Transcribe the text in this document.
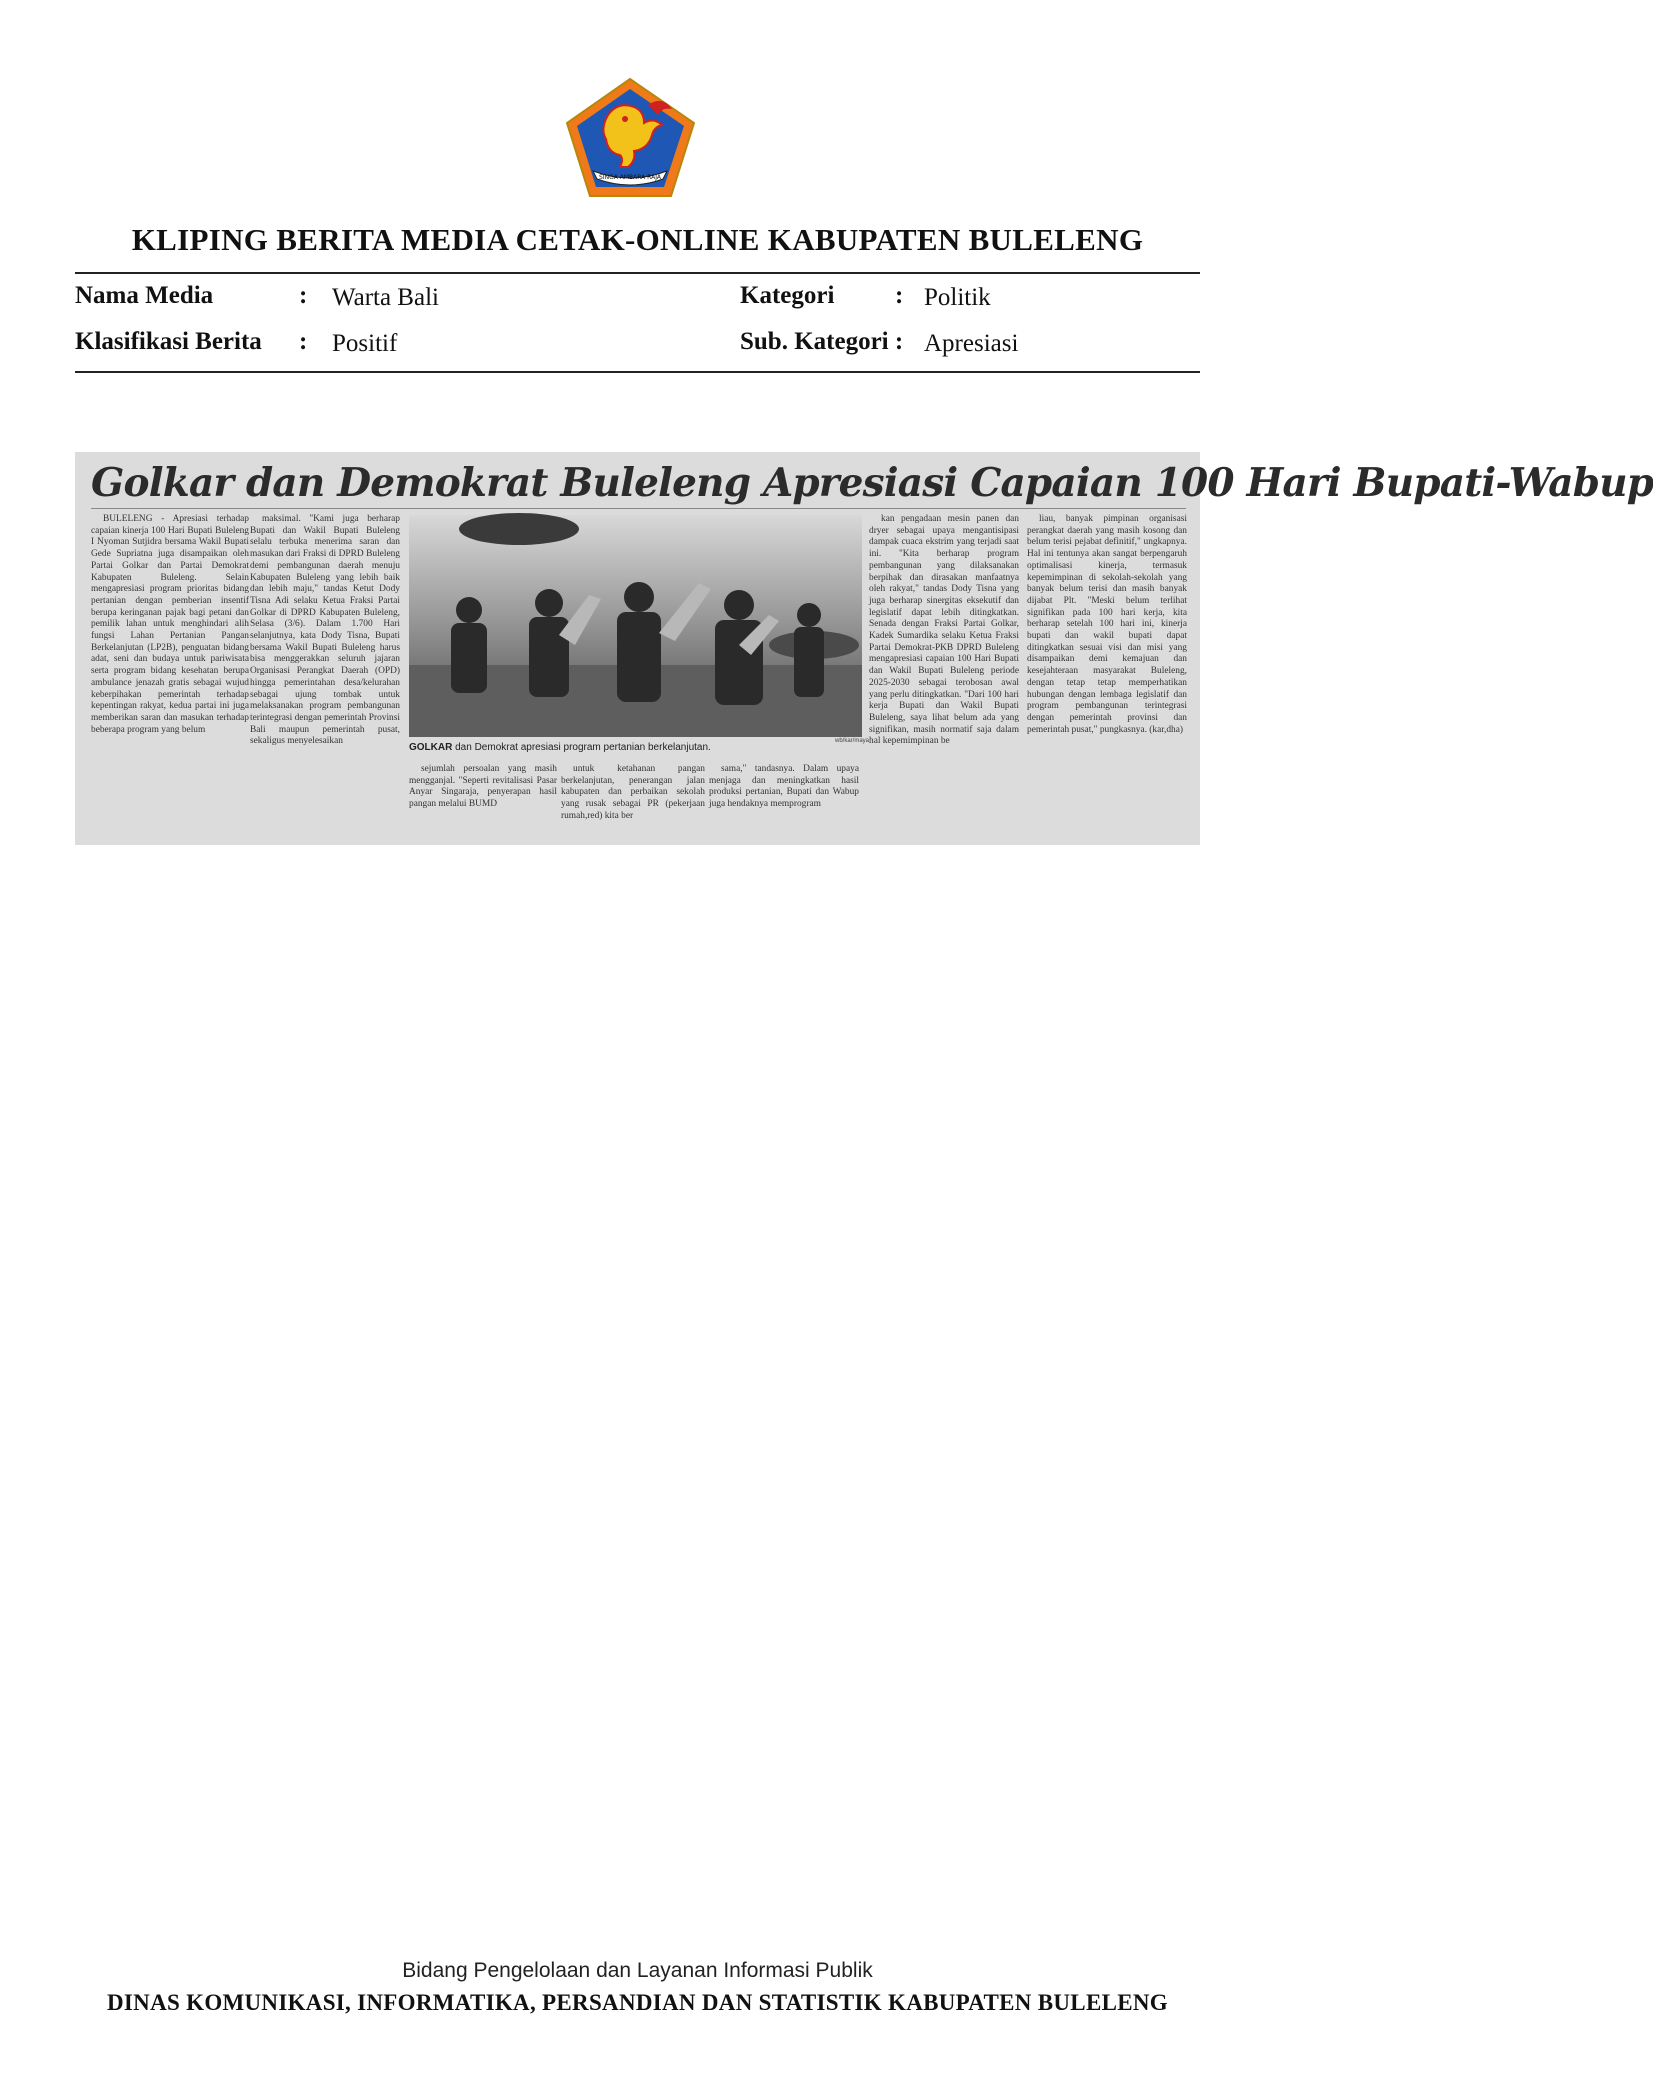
SINGA AMBARA RAJA
KLIPING BERITA MEDIA CETAK-ONLINE KABUPATEN BULELENG
Nama Media	: Warta Bali	Kategori : Politik
Klasifikasi Berita : Positif	Sub. Kategori : Apresiasi
Golkar dan Demokrat Buleleng Apresiasi Capaian 100 Hari Bupati-Wabup

BULELENG - Apresiasi terhadap capaian kinerja 100 Hari Bupati Buleleng I Nyoman Sutjidra bersama Wakil Bupati Gede Supriatna juga disampaikan oleh Partai Golkar dan Partai Demokrat Kabupaten Buleleng. Selain mengapresiasi program prioritas bidang pertanian dengan pemberian insentif berupa keringanan pajak bagi petani dan pemilik lahan untuk menghindari alih fungsi Lahan Pertanian Pangan Berkelanjutan (LP2B), penguatan bidang adat, seni dan budaya untuk pariwisata serta program bidang kesehatan berupa ambulance jenazah gratis sebagai wujud keberpihakan pemerintah terhadap kepentingan rakyat, kedua partai ini juga memberikan saran dan masukan terhadap beberapa program yang belum

maksimal. "Kami juga berharap Bupati dan Wakil Bupati Buleleng selalu terbuka menerima saran dan masukan dari Fraksi di DPRD Buleleng demi pembangunan daerah menuju Kabupaten Buleleng yang lebih baik dan lebih maju," tandas Ketut Dody Tisna Adi selaku Ketua Fraksi Partai Golkar di DPRD Kabupaten Buleleng, Selasa (3/6). Dalam 1.700 Hari selanjutnya, kata Dody Tisna, Bupati bersama Wakil Bupati Buleleng harus bisa menggerakkan seluruh jajaran Organisasi Perangkat Daerah (OPD) hingga pemerintahan desa/kelurahan sebagai ujung tombak untuk melaksanakan program pembangunan terintegrasi dengan pemerintah Provinsi Bali maupun pemerintah pusat, sekaligus menyelesaikan	wb/kar/maya
GOLKAR dan Demokrat apresiasi program pertanian berkelanjutan.

sejumlah persoalan yang masih mengganjal. "Seperti revitalisasi Pasar Anyar Singaraja, penyerapan hasil pangan melalui BUMD

untuk ketahanan pangan berkelanjutan, penerangan jalan kabupaten dan perbaikan sekolah yang rusak sebagai PR (pekerjaan rumah,red) kita ber

sama," tandasnya. Dalam upaya menjaga dan meningkatkan hasil produksi pertanian, Bupati dan Wabup juga hendaknya memprogram

kan pengadaan mesin panen dan dryer sebagai upaya mengantisipasi dampak cuaca ekstrim yang terjadi saat ini. "Kita berharap program pembangunan yang dilaksanakan berpihak dan dirasakan manfaatnya oleh rakyat," tandas Dody Tisna yang juga berharap sinergitas eksekutif dan legislatif dapat lebih ditingkatkan. Senada dengan Fraksi Partai Golkar, Kadek Sumardika selaku Ketua Fraksi Partai Demokrat-PKB DPRD Buleleng mengapresiasi capaian 100 Hari Bupati dan Wakil Bupati Buleleng periode 2025-2030 sebagai terobosan awal yang perlu ditingkatkan. "Dari 100 hari kerja Bupati dan Wakil Bupati Buleleng, saya lihat belum ada yang signifikan, masih normatif saja dalam hal kepemimpinan be

liau, banyak pimpinan organisasi perangkat daerah yang masih kosong dan belum terisi pejabat definitif," ungkapnya. Hal ini tentunya akan sangat berpengaruh optimalisasi kinerja, termasuk kepemimpinan di sekolah-sekolah yang banyak belum terisi dan masih banyak dijabat Plt. "Meski belum terlihat signifikan pada 100 hari kerja, kita berharap setelah 100 hari ini, kinerja bupati dan wakil bupati dapat ditingkatkan sesuai visi dan misi yang disampaikan demi kemajuan dan kesejahteraan masyarakat Buleleng, dengan tetap tetap memperhatikan hubungan dengan lembaga legislatif dan program pembangunan terintegrasi dengan pemerintah provinsi dan pemerintah pusat," pungkasnya. (kar,dha)

Bidang Pengelolaan dan Layanan Informasi Publik
DINAS KOMUNIKASI, INFORMATIKA, PERSANDIAN DAN STATISTIK KABUPATEN BULELENG
